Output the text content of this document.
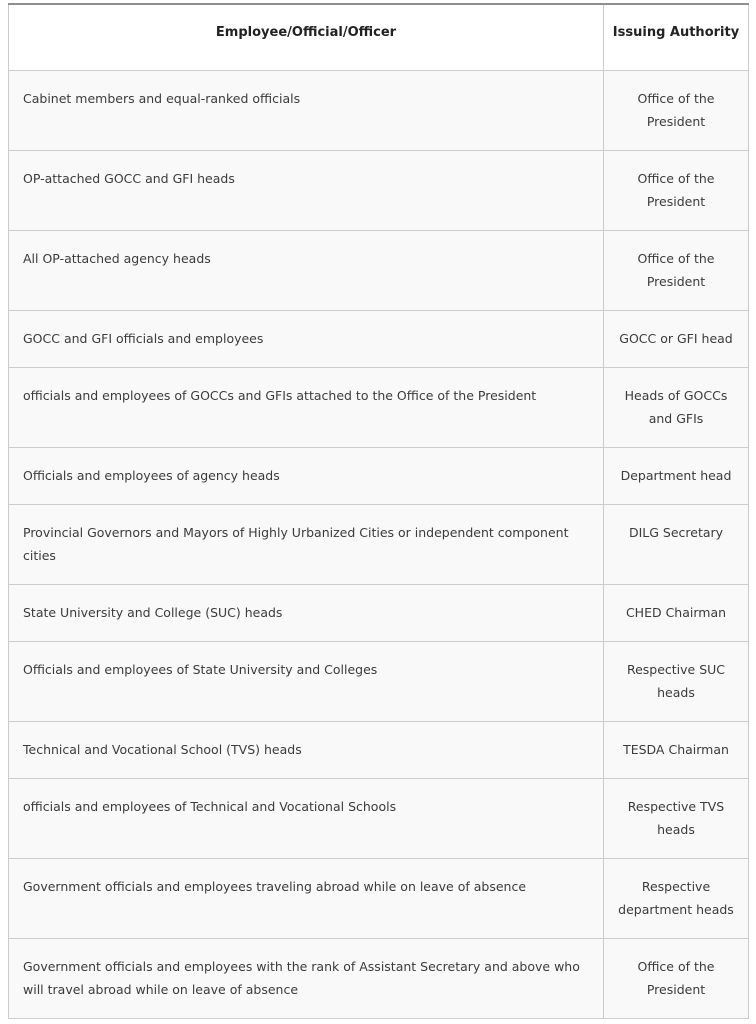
Employee/Official/Officer	Issuing Authority
Cabinet members and equal-ranked officials	Office of the President
OP-attached GOCC and GFI heads	Office of the President
All OP-attached agency heads	Office of the President
GOCC and GFI officials and employees	GOCC or GFI head
officials and employees of GOCCs and GFIs attached to the Office of the President	Heads of GOCCs and GFIs
Officials and employees of agency heads	Department head
Provincial Governors and Mayors of Highly Urbanized Cities or independent component cities	DILG Secretary
State University and College (SUC) heads	CHED Chairman
Officials and employees of State University and Colleges	Respective SUC heads
Technical and Vocational School (TVS) heads	TESDA Chairman
officials and employees of Technical and Vocational Schools	Respective TVS heads
Government officials and employees traveling abroad while on leave of absence	Respective department heads
Government officials and employees with the rank of Assistant Secretary and above who will travel abroad while on leave of absence	Office of the President
